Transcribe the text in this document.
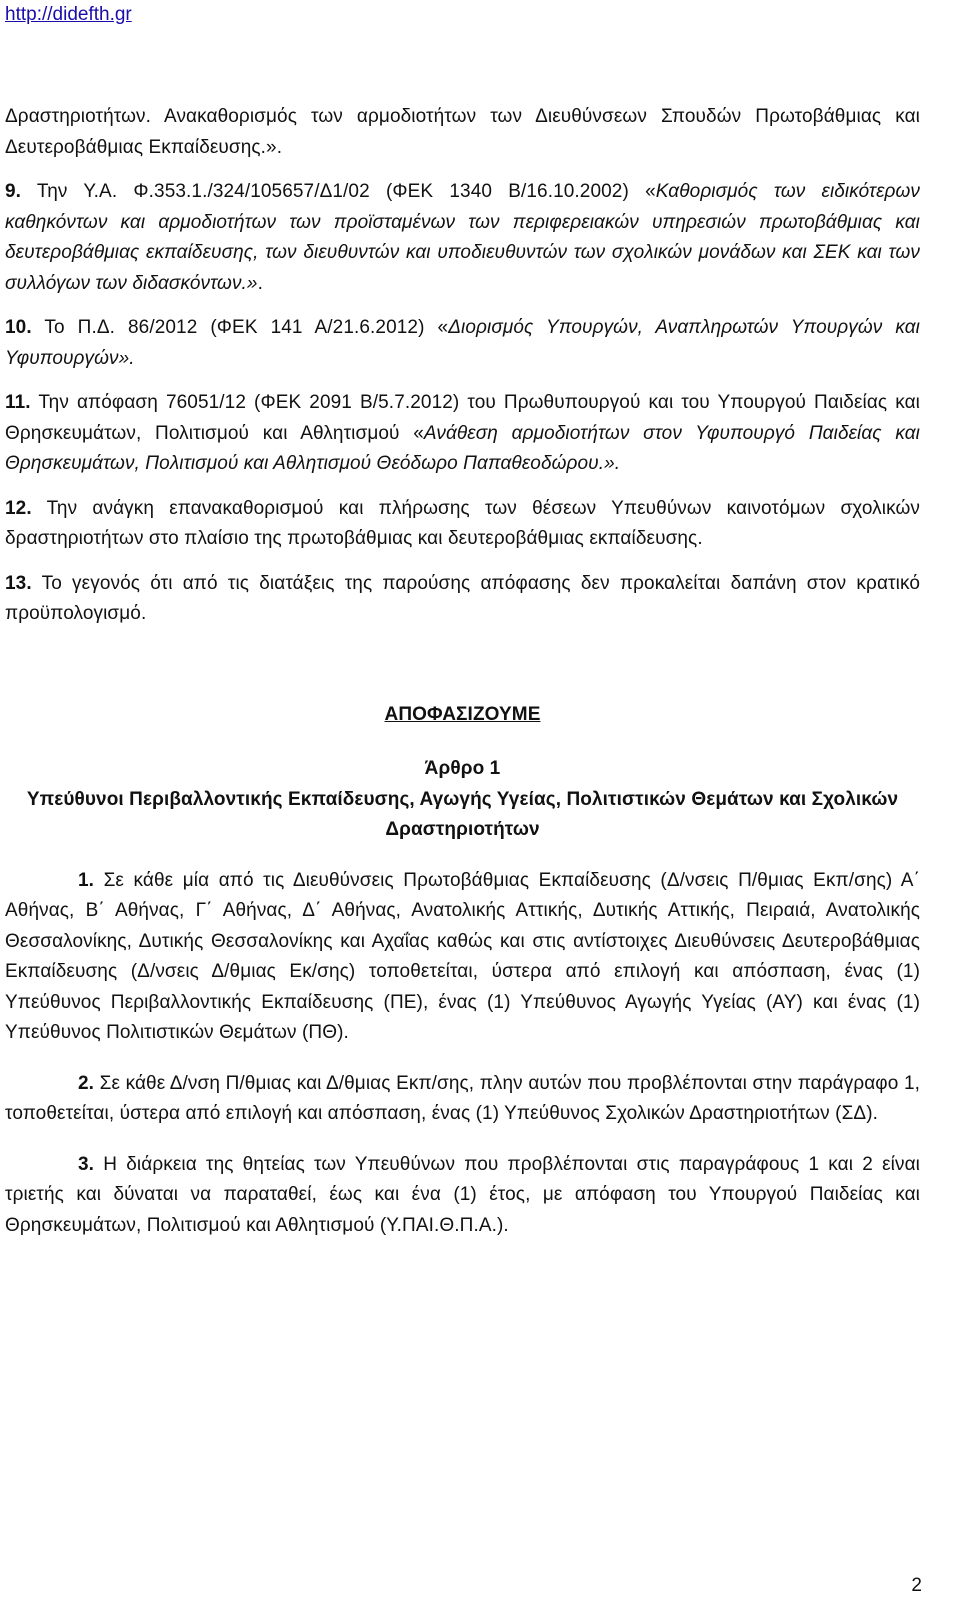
http://didefth.gr

Δραστηριοτήτων. Ανακαθορισμός των αρμοδιοτήτων των Διευθύνσεων Σπουδών Πρωτοβάθμιας και Δευτεροβάθμιας Εκπαίδευσης.».

9. Την Υ.Α. Φ.353.1./324/105657/Δ1/02 (ΦΕΚ 1340 Β/16.10.2002) «Καθορισμός των ειδικότερων καθηκόντων και αρμοδιοτήτων των προϊσταμένων των περιφερειακών υπηρεσιών πρωτοβάθμιας και δευτεροβάθμιας εκπαίδευσης, των διευθυντών και υποδιευθυντών των σχολικών μονάδων και ΣΕΚ και των συλλόγων των διδασκόντων.».

10. Το Π.Δ. 86/2012 (ΦΕΚ 141 Α/21.6.2012) «Διορισμός Υπουργών, Αναπληρωτών Υπουργών και Υφυπουργών».

11. Την απόφαση 76051/12 (ΦΕΚ 2091 Β/5.7.2012) του Πρωθυπουργού και του Υπουργού Παιδείας και Θρησκευμάτων, Πολιτισμού και Αθλητισμού «Ανάθεση αρμοδιοτήτων στον Υφυπουργό Παιδείας και Θρησκευμάτων, Πολιτισμού και Αθλητισμού Θεόδωρο Παπαθεοδώρου.».

12. Την ανάγκη επανακαθορισμού και πλήρωσης των θέσεων Υπευθύνων καινοτόμων σχολικών δραστηριοτήτων στο πλαίσιο της πρωτοβάθμιας και δευτεροβάθμιας εκπαίδευσης.

13. Το γεγονός ότι από τις διατάξεις της παρούσης απόφασης δεν προκαλείται δαπάνη στον κρατικό προϋπολογισμό.

ΑΠΟΦΑΣΙΖΟΥΜΕ

Άρθρο 1

Υπεύθυνοι Περιβαλλοντικής Εκπαίδευσης, Αγωγής Υγείας, Πολιτιστικών Θεμάτων και Σχολικών Δραστηριοτήτων

1. Σε κάθε μία από τις Διευθύνσεις Πρωτοβάθμιας Εκπαίδευσης (Δ/νσεις Π/θμιας Εκπ/σης) Α΄ Αθήνας, Β΄ Αθήνας, Γ΄ Αθήνας, Δ΄ Αθήνας, Ανατολικής Αττικής, Δυτικής Αττικής, Πειραιά, Ανατολικής Θεσσαλονίκης, Δυτικής Θεσσαλονίκης και Αχαΐας καθώς και στις αντίστοιχες Διευθύνσεις Δευτεροβάθμιας Εκπαίδευσης (Δ/νσεις Δ/θμιας Εκ/σης) τοποθετείται, ύστερα από επιλογή και απόσπαση, ένας (1) Υπεύθυνος Περιβαλλοντικής Εκπαίδευσης (ΠΕ), ένας (1) Υπεύθυνος Αγωγής Υγείας (ΑΥ) και ένας (1) Υπεύθυνος Πολιτιστικών Θεμάτων (ΠΘ).

2. Σε κάθε Δ/νση Π/θμιας και Δ/θμιας Εκπ/σης, πλην αυτών που προβλέπονται στην παράγραφο 1, τοποθετείται, ύστερα από επιλογή και απόσπαση, ένας (1) Υπεύθυνος Σχολικών Δραστηριοτήτων (ΣΔ).

3. Η διάρκεια της θητείας των Υπευθύνων που προβλέπονται στις παραγράφους 1 και 2 είναι τριετής και δύναται να παραταθεί, έως και ένα (1) έτος, με απόφαση του Υπουργού Παιδείας και Θρησκευμάτων, Πολιτισμού και Αθλητισμού (Υ.ΠΑΙ.Θ.Π.Α.).

2
